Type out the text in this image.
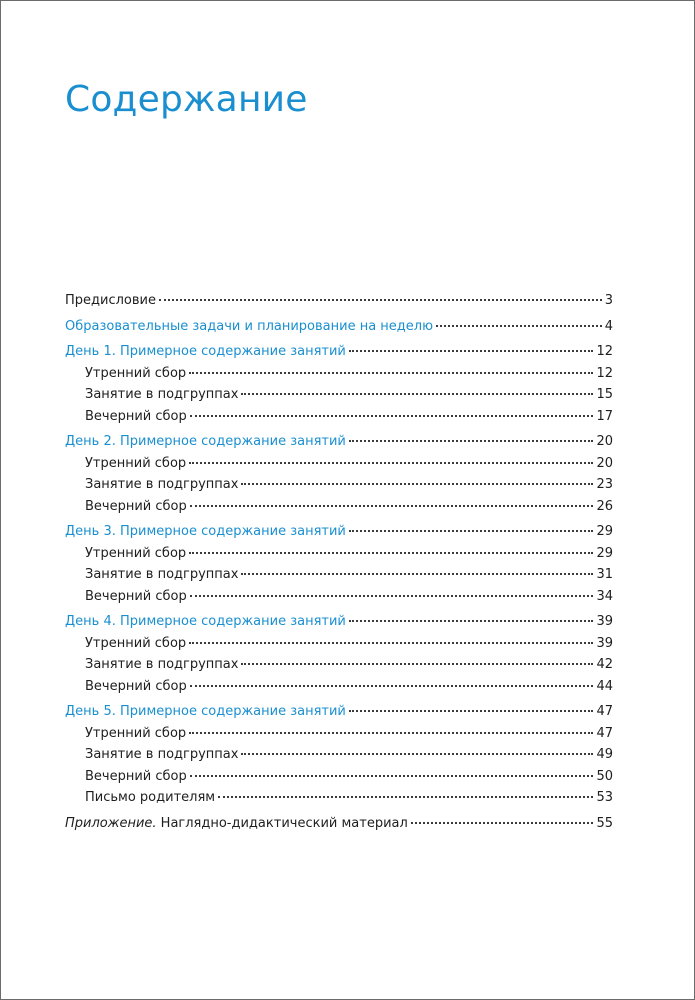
Содержание
Предисловие	3
Образовательные задачи и планирование на неделю	4
День 1. Примерное содержание занятий	12
Утренний сбор	12
Занятие в подгруппах	15
Вечерний сбор	17
День 2. Примерное содержание занятий	20
Утренний сбор	20
Занятие в подгруппах	23
Вечерний сбор	26
День 3. Примерное содержание занятий	29
Утренний сбор	29
Занятие в подгруппах	31
Вечерний сбор	34
День 4. Примерное содержание занятий	39
Утренний сбор	39
Занятие в подгруппах	42
Вечерний сбор	44
День 5. Примерное содержание занятий	47
Утренний сбор	47
Занятие в подгруппах	49
Вечерний сбор	50
Письмо родителям	53
Приложение. Наглядно-дидактический материал	55
